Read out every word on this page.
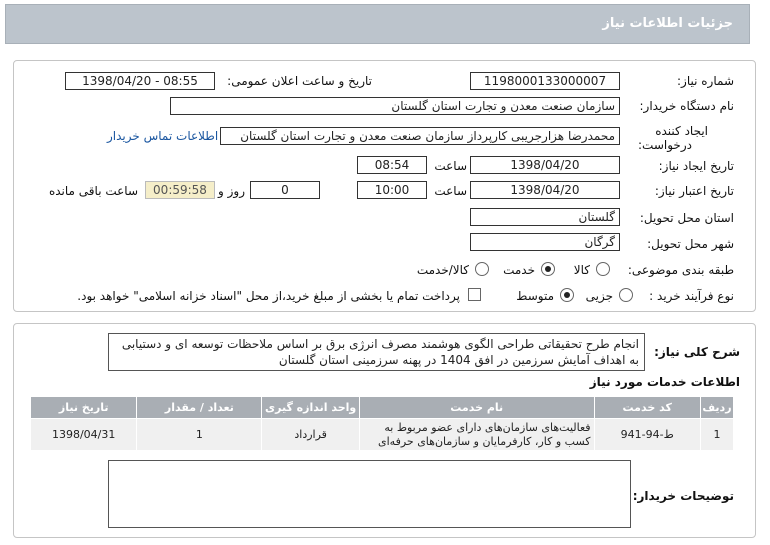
جزئیات اطلاعات نیاز
شماره نیاز:
1198000133000007
تاریخ و ساعت اعلان عمومی:
1398/04/20 - 08:55
نام دستگاه خریدار:
سازمان صنعت معدن و تجارت استان گلستان
ایجاد کننده
درخواست:
محمدرضا هزارجریبی کارپرداز سازمان صنعت معدن و تجارت استان گلستان
اطلاعات تماس خریدار
تاریخ ایجاد نیاز:
1398/04/20
ساعت
08:54
تاریخ اعتبار نیاز:
1398/04/20
ساعت
10:00
0
روز و
00:59:58
ساعت باقی مانده
استان محل تحویل:
گلستان
شهر محل تحویل:
گرگان
طبقه بندی موضوعی:
کالا
خدمت
کالا/خدمت
نوع فرآیند خرید :
جزیی
متوسط
پرداخت تمام یا بخشی از مبلغ خرید،از محل "اسناد خزانه اسلامی" خواهد بود.
شرح کلی نیاز:
انجام طرح تحقیقاتی طراحی الگوی هوشمند مصرف انرژی برق بر اساس ملاحظات توسعه ای و دستیابی به اهداف آمایش سرزمین در افق 1404 در پهنه سرزمینی استان گلستان
اطلاعات خدمات مورد نیاز
ردیف	کد خدمت	نام خدمت	واحد اندازه گیری	تعداد / مقدار	تاریخ نیاز
1	ط-94-941	فعالیت‌های سازمان‌های دارای عضو مربوط به کسب و کار، کارفرمایان و سازمان‌های حرفه‌ای	قرارداد	1	1398/04/31
توضیحات خریدار:
